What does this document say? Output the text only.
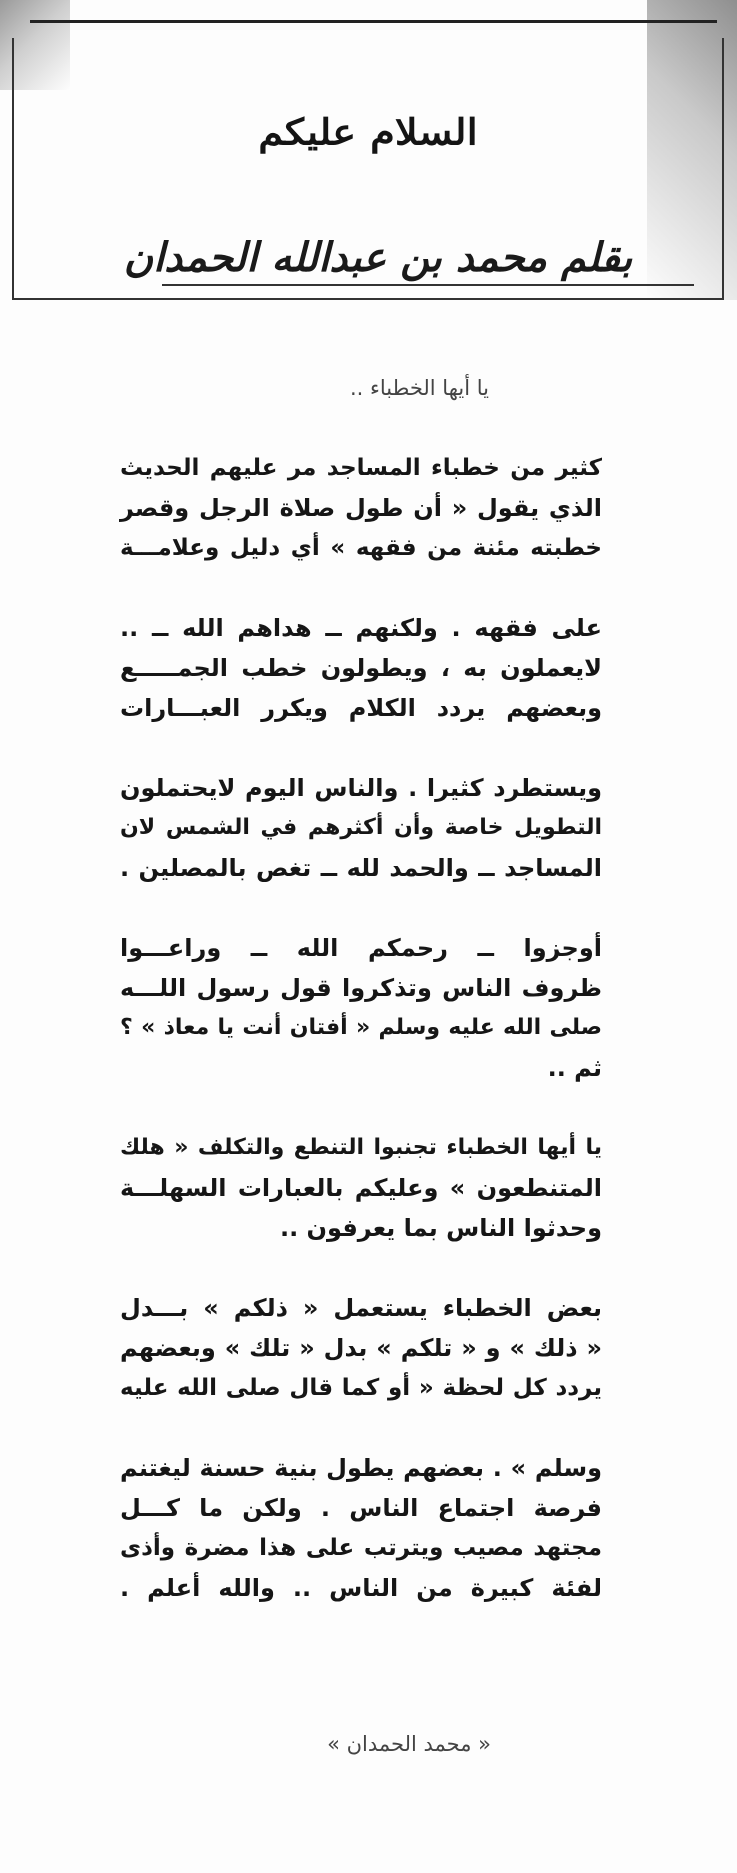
السلام عليكم
بقلم محمد بن عبدالله الحمدان
يا أيها الخطباء ..

كثير من خطباء المساجد مر عليهم الحديث
الذي يقول « أن طول صلاة الرجل وقصر
خطبته مئنة من فقهه » أي دليل وعلامـــة

على فقهه . ولكنهم ــ هداهم الله ــ ..
لايعملون به ، ويطولون خطب الجمـــــع
وبعضهم يردد الكلام ويكرر العبـــارات

ويستطرد كثيرا . والناس اليوم لايحتملون
التطويل خاصة وأن أكثرهم في الشمس لان
المساجد ــ والحمد لله ــ تغص بالمصلين .

أوجزوا ــ رحمكم الله ــ وراعـــوا
ظروف الناس وتذكروا قول رسول اللـــه
صلى الله عليه وسلم « أفتان أنت يا معاذ » ؟
ثم ..

يا أيها الخطباء تجنبوا التنطع والتكلف « هلك
المتنطعون » وعليكم بالعبارات السهلـــة
وحدثوا الناس بما يعرفون ..

بعض الخطباء يستعمل « ذلكم » بـــدل
« ذلك » و « تلكم » بدل « تلك » وبعضهم
يردد كل لحظة « أو كما قال صلى الله عليه

وسلم » . بعضهم يطول بنية حسنة ليغتنم
فرصة اجتماع الناس . ولكن ما كـــل
مجتهد مصيب ويترتب على هذا مضرة وأذى
لفئة كبيرة من الناس .. والله أعلم .

« محمد الحمدان »
